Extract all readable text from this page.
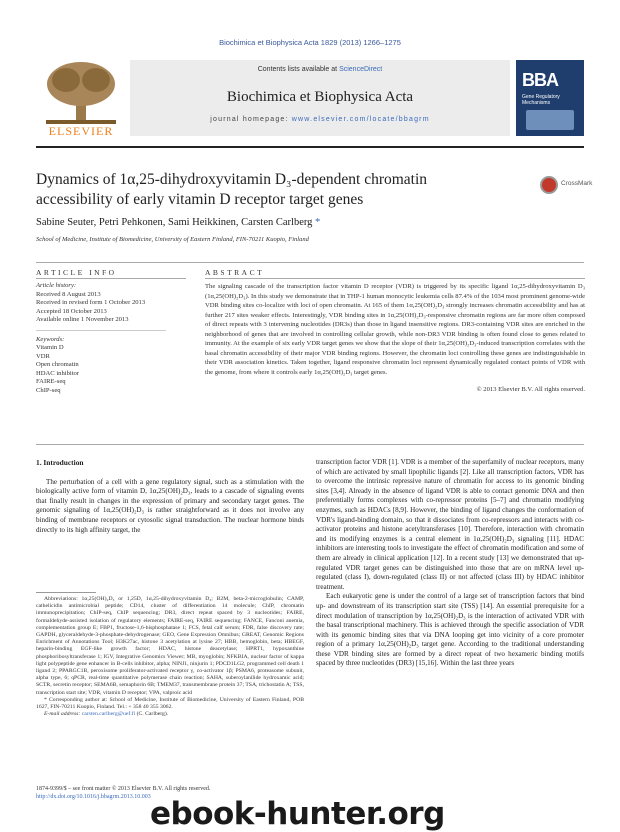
Biochimica et Biophysica Acta 1829 (2013) 1266–1275
ELSEVIER
Contents lists available at ScienceDirect
Biochimica et Biophysica Acta
journal homepage: www.elsevier.com/locate/bbagrm
BBA
Gene Regulatory Mechanisms
Dynamics of 1α,25-dihydroxyvitamin D₃-dependent chromatin accessibility of early vitamin D receptor target genes
CrossMark
Sabine Seuter, Petri Pehkonen, Sami Heikkinen, Carsten Carlberg *
School of Medicine, Institute of Biomedicine, University of Eastern Finland, FIN-70211 Kuopio, Finland
ARTICLE INFO	ABSTRACT
Article history:
Received 8 August 2013
Received in revised form 1 October 2013
Accepted 18 October 2013
Available online 1 November 2013
Keywords:
Vitamin D
VDR
Open chromatin
HDAC inhibitor
FAIRE-seq
ChIP-seq
The signaling cascade of the transcription factor vitamin D receptor (VDR) is triggered by its specific ligand 1α,25-dihydroxyvitamin D₃ (1α,25(OH)₂D₃). In this study we demonstrate that in THP-1 human monocytic leukemia cells 87.4% of the 1034 most prominent genome-wide VDR binding sites co-localize with loci of open chromatin. At 165 of them 1α,25(OH)₂D₃ strongly increases chromatin accessibility and has at further 217 sites weaker effects. Interestingly, VDR binding sites in 1α,25(OH)₂D₃-responsive chromatin regions are far more often composed of direct repeats with 3 intervening nucleotides (DR3s) than those in ligand insensitive regions. DR3-containing VDR sites are enriched in the neighborhood of genes that are involved in controlling cellular growth, while non-DR3 VDR binding is often found close to genes related to immunity. At the example of six early VDR target genes we show that the slope of their 1α,25(OH)₂D₃-induced transcription correlates with the basal chromatin accessibility of their major VDR binding regions. However, the chromatin loci controlling these genes are indistinguishable in their VDR association kinetics. Taken together, ligand responsive chromatin loci represent dynamically regulated contact points of VDR with the genome, from where it controls early 1α,25(OH)₂D₃ target genes.
© 2013 Elsevier B.V. All rights reserved.
1. Introduction

The perturbation of a cell with a gene regulatory signal, such as a stimulation with the biologically active form of vitamin D, 1α,25(OH)₂D₃, leads to a cascade of signaling events that finally result in changes in the expression of primary and secondary target genes. The genomic signaling of 1α,25(OH)₂D₃ is rather straightforward as it does not involve any binding of membrane receptors or cytosolic signal transduction. The nuclear hormone binds directly to its high affinity target, the

Abbreviations: 1α,25(OH)₂D₃ or 1,25D, 1α,25-dihydroxyvitamin D₃; B2M, beta-2-microglobulin; CAMP, cathelicidin antimicrobial peptide; CD14, cluster of differentiation 14 molecule; ChIP, chromatin immunoprecipitation; ChIP-seq, ChIP sequencing; DR3, direct repeat spaced by 3 nucleotides; FAIRE, formaldehyde-assisted isolation of regulatory elements; FAIRE-seq, FAIRE sequencing; FANCE, Fanconi anemia, complementation group E; FBP1, fructose-1,6-bisphosphatase 1; FCS, fetal calf serum; FDR, false discovery rate; GAPDH, glyceraldehyde-3-phosphate-dehydrogenase; GEO, Gene Expression Omnibus; GREAT, Genomic Regions Enrichment of Annotations Tool; H3K27ac, histone 3 acetylation at lysine 27; HBB, hemoglobin, beta; HBEGF, heparin-binding EGF-like growth factor; HDAC, histone deacetylase; HPRT1, hypoxanthine phosphoribosyltransferase 1; IGV, Integrative Genomics Viewer; MB, myoglobin; NFKBIA, nuclear factor of kappa light polypeptide gene enhancer in B-cells inhibitor, alpha; NINJ1, ninjurin 1; PDCD1LG2, programmed cell death 1 ligand 2; PPARGC1B, peroxisome proliferator-activated receptor γ, co-activator 1β; PSMA6, proteasome subunit, alpha type, 6; qPCR, real-time quantitative polymerase chain reaction; SAHA, suberoylanilide hydroxamic acid; SCTR, secretin receptor; SEMA6B, semaphorin 6B; TMEM37, transmembrane protein 37; TSA, trichostatin A; TSS, transcription start site; VDR, vitamin D receptor; VPA, valproic acid

* Corresponding author at: School of Medicine, Institute of Biomedicine, University of Eastern Finland, POB 1627, FIN-70211 Kuopio, Finland. Tel.: + 358 40 355 3062.

E-mail address: carsten.carlberg@uef.fi (C. Carlberg).

transcription factor VDR [1]. VDR is a member of the superfamily of nuclear receptors, many of which are activated by small lipophilic ligands [2]. Like all transcription factors, VDR has to overcome the intrinsic repressive nature of chromatin for access to its genomic binding sites [3,4]. Already in the absence of ligand VDR is able to contact genomic DNA and then preferentially forms complexes with co-repressor proteins [5–7] and chromatin modifying enzymes, such as HDACs [8,9]. However, the binding of ligand changes the conformation of VDR's ligand-binding domain, so that it dissociates from co-repressors and interacts with co-activator proteins and histone acetyltransferases [10]. Therefore, interaction with chromatin and its modifying enzymes is a central element in 1α,25(OH)₂D₃ signaling [11]. HDAC inhibitors are interesting tools to investigate the effect of chromatin modification and some of them are already in clinical application [12]. In a recent study [13] we demonstrated that up-regulated VDR target genes can be distinguished into those that are on mRNA level up-regulated (class I), down-regulated (class II) or not affected (class III) by HDAC inhibitor treatment.

Each eukaryotic gene is under the control of a large set of transcription factors that bind up- and downstream of its transcription start site (TSS) [14]. An essential prerequisite for a direct modulation of transcription by 1α,25(OH)₂D₃ is the interaction of activated VDR with the basal transcriptional machinery. This is achieved through the specific association of VDR with its genomic binding sites that via DNA looping get into vicinity of a core promoter region of a primary 1α,25(OH)₂D₃ target gene. According to the traditional understanding these VDR binding sites are formed by a direct repeat of two hexameric binding motifs spaced by three nucleotides (DR3) [15,16]. Within the last three years

1874-9399/$ – see front matter © 2013 Elsevier B.V. All rights reserved.
http://dx.doi.org/10.1016/j.bbagrm.2013.10.003 ebook-hunter.org
